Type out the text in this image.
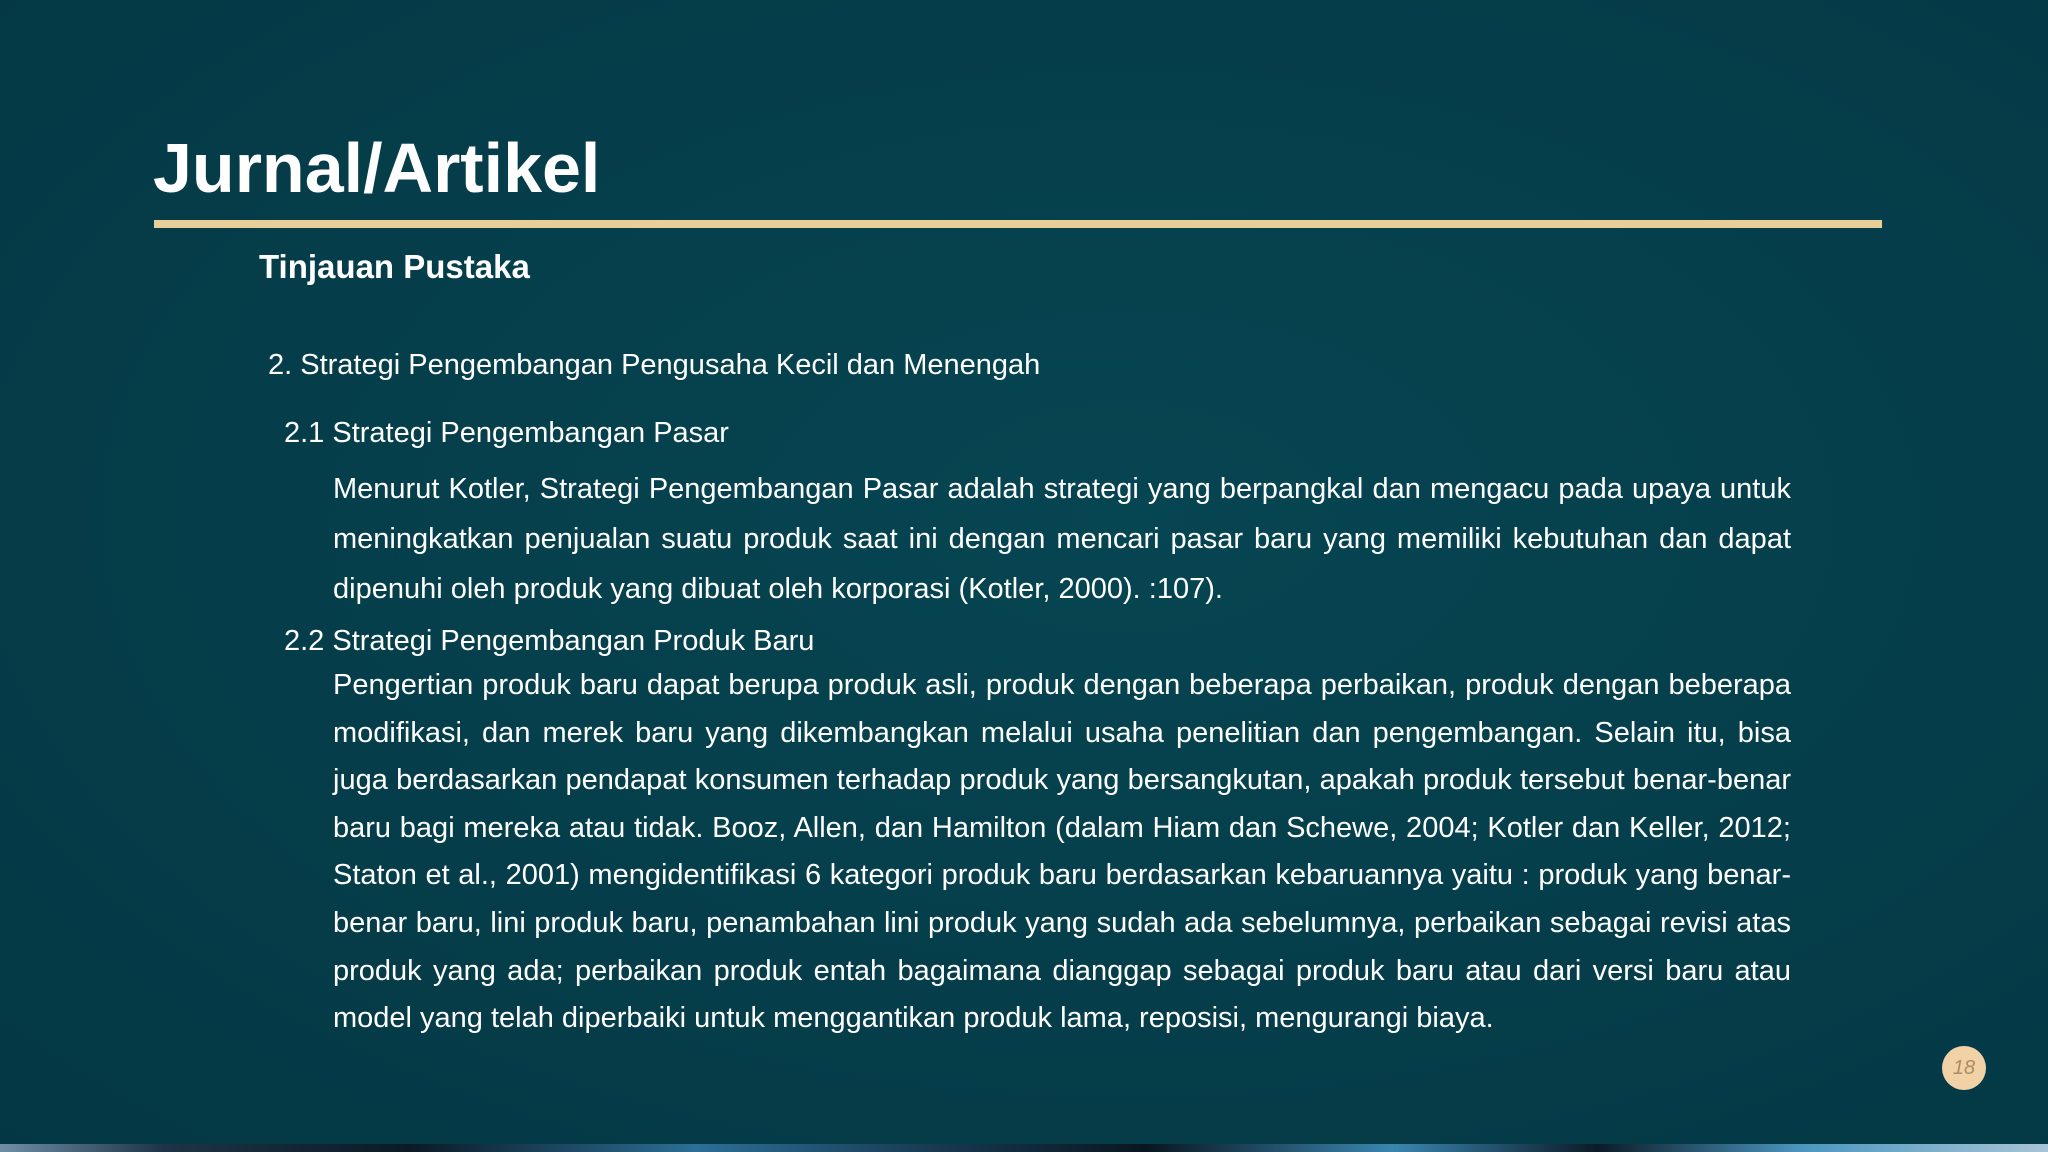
Jurnal/Artikel
Tinjauan Pustaka
2. Strategi Pengembangan Pengusaha Kecil dan Menengah
2.1 Strategi Pengembangan Pasar

Menurut Kotler, Strategi Pengembangan Pasar adalah strategi yang berpangkal dan mengacu pada upaya untuk meningkatkan penjualan suatu produk saat ini dengan mencari pasar baru yang memiliki kebutuhan dan dapat dipenuhi oleh produk yang dibuat oleh korporasi (Kotler, 2000). :107).

2.2 Strategi Pengembangan Produk Baru

Pengertian produk baru dapat berupa produk asli, produk dengan beberapa perbaikan, produk dengan beberapa modifikasi, dan merek baru yang dikembangkan melalui usaha penelitian dan pengembangan. Selain itu, bisa juga berdasarkan pendapat konsumen terhadap produk yang bersangkutan, apakah produk tersebut benar-benar baru bagi mereka atau tidak. Booz, Allen, dan Hamilton (dalam Hiam dan Schewe, 2004; Kotler dan Keller, 2012; Staton et al., 2001) mengidentifikasi 6 kategori produk baru berdasarkan kebaruannya yaitu : produk yang benar-benar baru, lini produk baru, penambahan lini produk yang sudah ada sebelumnya, perbaikan sebagai revisi atas produk yang ada; perbaikan produk entah bagaimana dianggap sebagai produk baru atau dari versi baru atau model yang telah diperbaiki untuk menggantikan produk lama, reposisi, mengurangi biaya.

18
